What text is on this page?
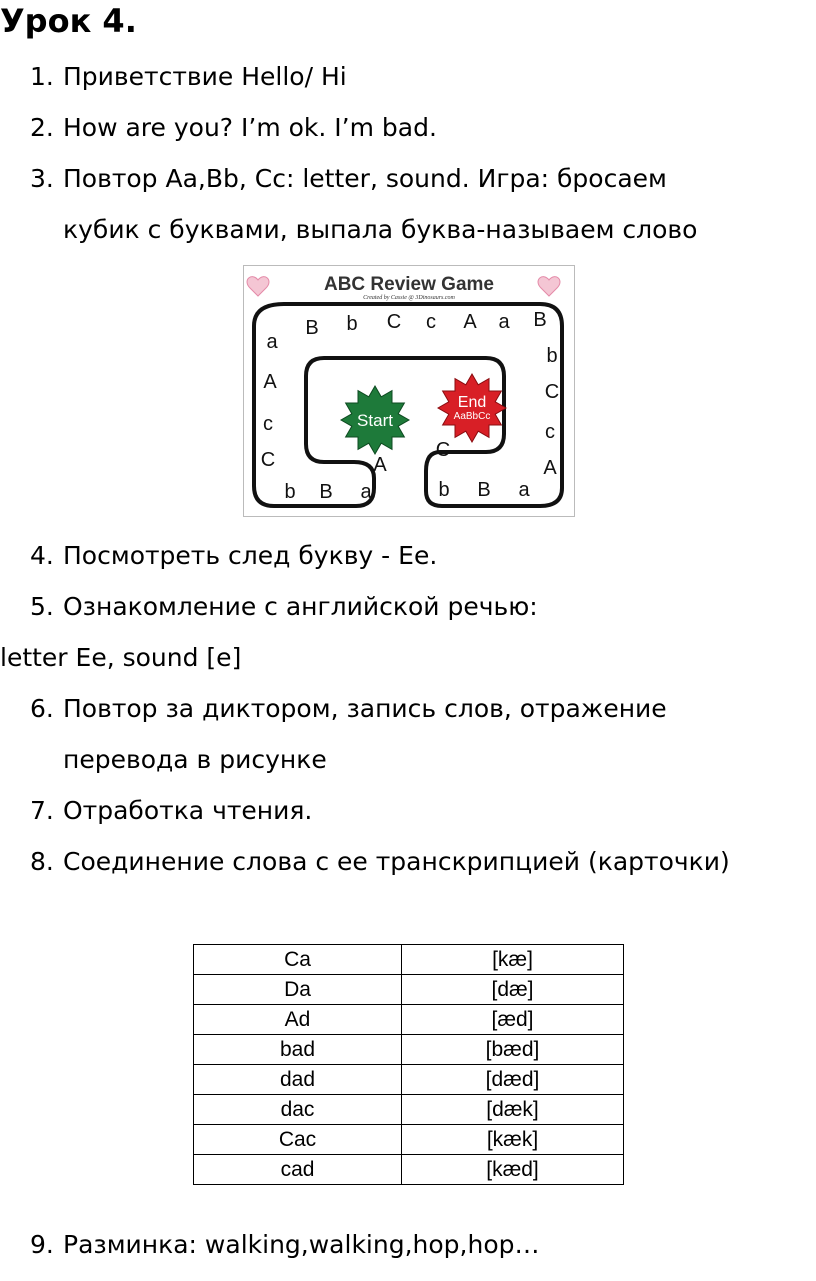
Урок 4.
1. Приветствие Hello/ Hi
2. How are you? I’m ok. I’m bad.
3. Повтор Aa,Bb, Cc: letter, sound. Игра: бросаем
кубик с буквами, выпала буква-называем слово
ABC Review Game
Created by Cassie @ 3Dinosaurs.com
a
B b C c A a B
b
C
c
A
a
B
b
C
A
A
c
C
b B a
Start
End
AaBbCc
4. Посмотреть след букву - Ee.
5. Ознакомление с английской речью:
letter Ee, sound [e]
6. Повтор за диктором, запись слов, отражение
перевода в рисунке
7. Отработка чтения.
8. Соединение слова с ее транскрипцией (карточки)
Ca	[kæ]
Da	[dæ]
Ad	[æd]
bad	[bæd]
dad	[dæd]
dac	[dæk]
Cac	[kæk]
cad	[kæd]
9. Разминка: walking,walking,hop,hop…
